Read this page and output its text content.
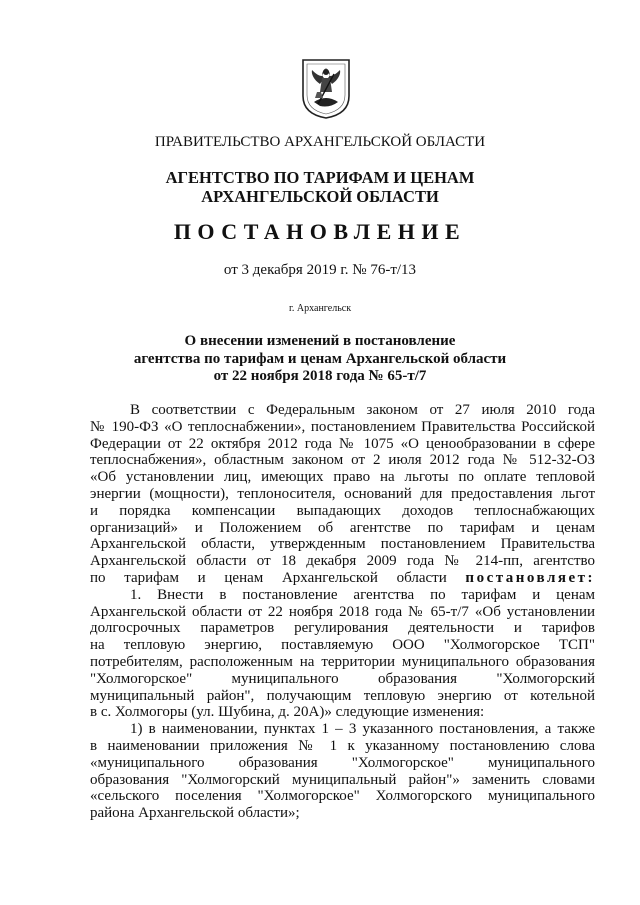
ПРАВИТЕЛЬСТВО АРХАНГЕЛЬСКОЙ ОБЛАСТИ
АГЕНТСТВО ПО ТАРИФАМ И ЦЕНАМ
АРХАНГЕЛЬСКОЙ ОБЛАСТИ
ПОСТАНОВЛЕНИЕ
от 3 декабря 2019 г. № 76-т/13
г. Архангельск
О внесении изменений в постановление
агентства по тарифам и ценам Архангельской области
от 22 ноября 2018 года № 65-т/7

В соответствии с Федеральным законом от 27 июля 2010 года

№ 190-ФЗ «О теплоснабжении», постановлением Правительства Российской

Федерации от 22 октября 2012 года № 1075 «О ценообразовании в сфере

теплоснабжения», областным законом от 2 июля 2012 года № 512-32-ОЗ

«Об установлении лиц, имеющих право на льготы по оплате тепловой

энергии (мощности), теплоносителя, оснований для предоставления льгот

и порядка компенсации выпадающих доходов теплоснабжающих

организаций» и Положением об агентстве по тарифам и ценам

Архангельской области, утвержденным постановлением Правительства

Архангельской области от 18 декабря 2009 года № 214-пп, агентство

по тарифам и ценам Архангельской области постановляет:

1. Внести в постановление агентства по тарифам и ценам

Архангельской области от 22 ноября 2018 года № 65-т/7 «Об установлении

долгосрочных параметров регулирования деятельности и тарифов

на тепловую энергию, поставляемую ООО "Холмогорское ТСП"

потребителям, расположенным на территории муниципального образования

"Холмогорское" муниципального образования "Холмогорский

муниципальный район", получающим тепловую энергию от котельной

в с. Холмогоры (ул. Шубина, д. 20А)» следующие изменения:

1) в наименовании, пунктах 1 – 3 указанного постановления, а также

в наименовании приложения № 1 к указанному постановлению слова

«муниципального образования "Холмогорское" муниципального

образования "Холмогорский муниципальный район"» заменить словами

«сельского поселения "Холмогорское" Холмогорского муниципального

района Архангельской области»;
